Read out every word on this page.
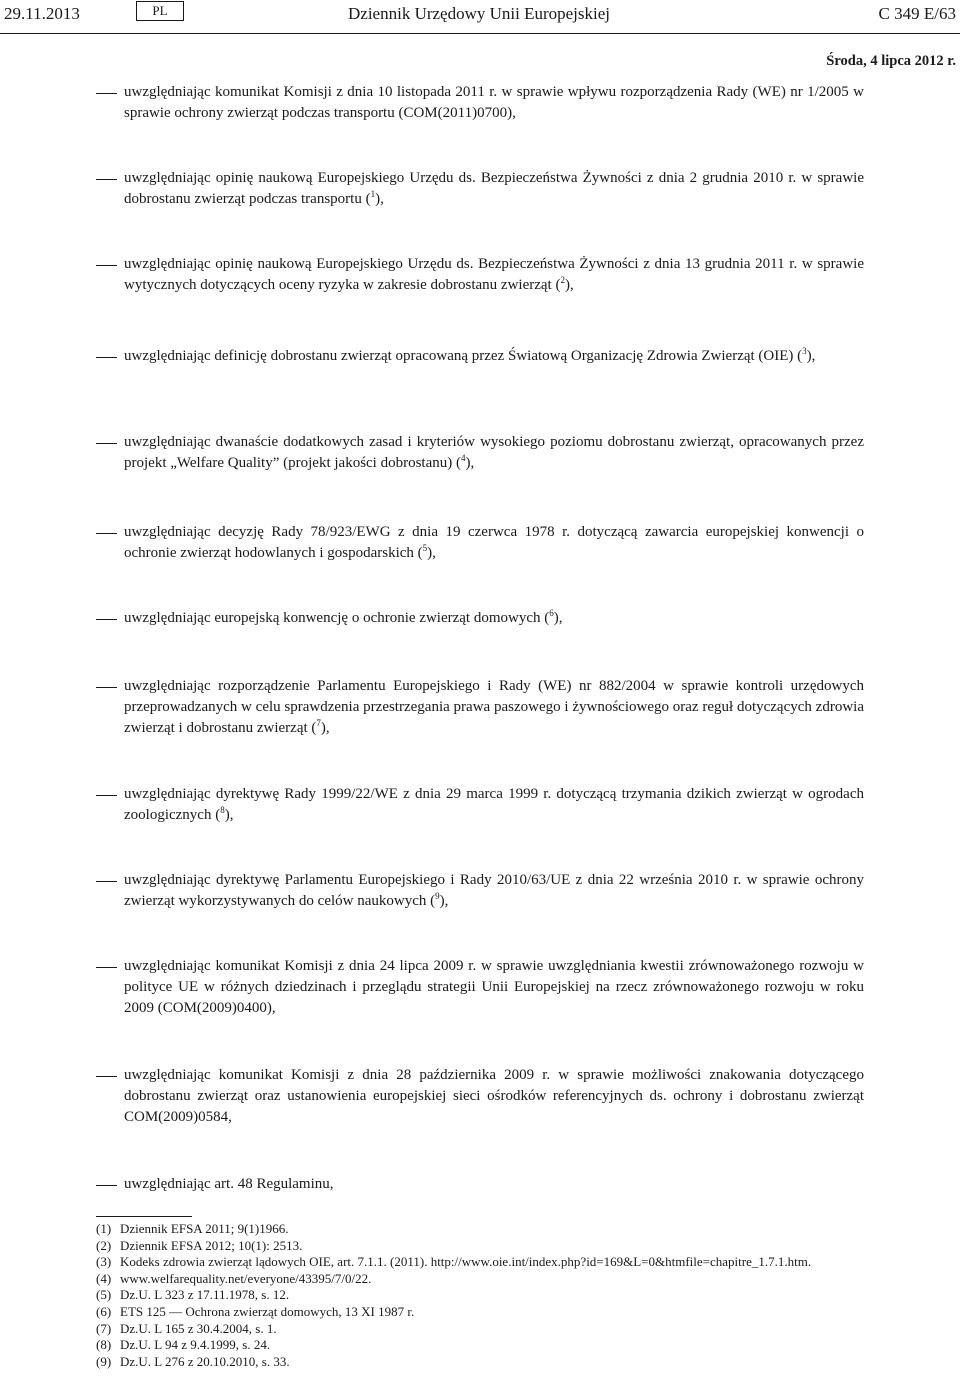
29.11.2013	PL	Dziennik Urzędowy Unii Europejskiej	C 349 E/63
Środa, 4 lipca 2012 r.
uwzględniając komunikat Komisji z dnia 10 listopada 2011 r. w sprawie wpływu rozporządzenia Rady (WE) nr 1/2005 w sprawie ochrony zwierząt podczas transportu (COM(2011)0700),
uwzględniając opinię naukową Europejskiego Urzędu ds. Bezpieczeństwa Żywności z dnia 2 grudnia 2010 r. w sprawie dobrostanu zwierząt podczas transportu ($^1$),
uwzględniając opinię naukową Europejskiego Urzędu ds. Bezpieczeństwa Żywności z dnia 13 grudnia 2011 r. w sprawie wytycznych dotyczących oceny ryzyka w zakresie dobrostanu zwierząt ($^2$),
uwzględniając definicję dobrostanu zwierząt opracowaną przez Światową Organizację Zdrowia Zwierząt (OIE) ($^3$),
uwzględniając dwanaście dodatkowych zasad i kryteriów wysokiego poziomu dobrostanu zwierząt, opracowanych przez projekt „Welfare Quality” (projekt jakości dobrostanu) ($^4$),
uwzględniając decyzję Rady 78/923/EWG z dnia 19 czerwca 1978 r. dotyczącą zawarcia europejskiej konwencji o ochronie zwierząt hodowlanych i gospodarskich ($^5$),
uwzględniając europejską konwencję o ochronie zwierząt domowych ($^6$),
uwzględniając rozporządzenie Parlamentu Europejskiego i Rady (WE) nr 882/2004 w sprawie kontroli urzędowych przeprowadzanych w celu sprawdzenia przestrzegania prawa paszowego i żywnościowego oraz reguł dotyczących zdrowia zwierząt i dobrostanu zwierząt ($^7$),
uwzględniając dyrektywę Rady 1999/22/WE z dnia 29 marca 1999 r. dotyczącą trzymania dzikich zwierząt w ogrodach zoologicznych ($^8$),
uwzględniając dyrektywę Parlamentu Europejskiego i Rady 2010/63/UE z dnia 22 września 2010 r. w sprawie ochrony zwierząt wykorzystywanych do celów naukowych ($^9$),
uwzględniając komunikat Komisji z dnia 24 lipca 2009 r. w sprawie uwzględniania kwestii zrównoważonego rozwoju w polityce UE w różnych dziedzinach i przeglądu strategii Unii Europejskiej na rzecz zrównoważonego rozwoju w roku 2009 (COM(2009)0400),
uwzględniając komunikat Komisji z dnia 28 października 2009 r. w sprawie możliwości znakowania dotyczącego dobrostanu zwierząt oraz ustanowienia europejskiej sieci ośrodków referencyjnych ds. ochrony i dobrostanu zwierząt COM(2009)0584,
uwzględniając art. 48 Regulaminu,
(1) Dziennik EFSA 2011; 9(1)1966.
(2) Dziennik EFSA 2012; 10(1): 2513.
(3) Kodeks zdrowia zwierząt lądowych OIE, art. 7.1.1. (2011). http://www.oie.int/index.php?id=169&L=0&htmfile=chapitre_1.7.1.htm.
(4) www.welfarequality.net/everyone/43395/7/0/22.
(5) Dz.U. L 323 z 17.11.1978, s. 12.
(6) ETS 125 — Ochrona zwierząt domowych, 13 XI 1987 r.
(7) Dz.U. L 165 z 30.4.2004, s. 1.
(8) Dz.U. L 94 z 9.4.1999, s. 24.
(9) Dz.U. L 276 z 20.10.2010, s. 33.
